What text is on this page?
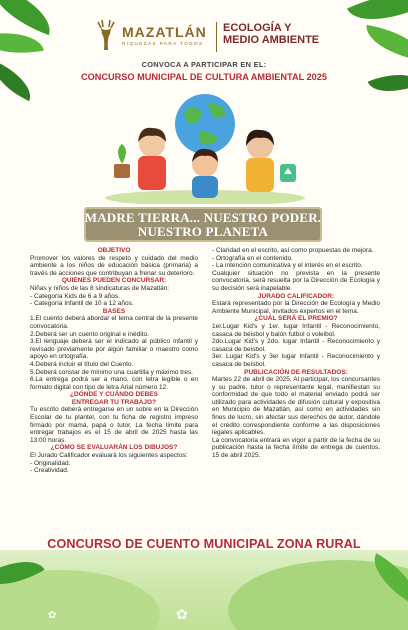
MAZATLÁN
RIQUEZAS PARA TODOS
ECOLOGÍA Y
MEDIO AMBIENTE
CONVOCA A PARTICIPAR EN EL:
CONCURSO MUNICIPAL DE CULTURA AMBIENTAL 2025
MADRE TIERRA... NUESTRO PODER.
NUESTRO PLANETA
OBJETIVO

Promover los valores de respeto y cuidado del medio ambiente a los niños de educación básica (primaria) a través de acciones que contribuyan a frenar su deterioro.

QUIENES PUEDEN CONCURSAR:
Niñas y niños de las 8 sindicaturas de Mazatlán:
- Categoría Kids de 6 a 9 años.
- Categoría Infantil de 10 a 12 años.
BASES

1.El cuento deberá abordar el tema central de la presente convocatoria.

2.Deberá ser un cuento original e inédito.

3.El lenguaje deberá ser el indicado al público infantil y revisado previamente por algún familiar o maestro como apoyo en ortografía.

4.Deberá incluir el título del Cuento.

5.Deberá constar de mínimo una cuartilla y máximo tres.

6.La entrega podrá ser a mano, con letra legible o en formato digital con tipo de letra Arial número 12.

¿DÓNDE Y CUÁNDO DEBES
ENTREGAR TU TRABAJO?

Tu escrito deberá entregarse en un sobre en la Dirección Escolar de tu plantel, con tu ficha de registro impreso firmado por mamá, papá o tutor. La fecha límite para entregar trabajos es el 15 de abril de 2025 hasta las 13:00 horas.

¿CÓMO SE EVALUARÁN LOS DIBUJOS?

El Jurado Calificador evaluará los siguientes aspectos:

- Originalidad.
- Creatividad.

- Claridad en el escrito, así como propuestas de mejora.

- Ortografía en el contenido.

- La intención comunicativa y el interés en el escrito.

Cualquier situación no prevista en la presente convocatoria, será resuelta por la Dirección de Ecología y su decisión será inapelable.

JURADO CALIFICADOR:

Estará representado por la Dirección de Ecología y Medio Ambiente Municipal, invitados expertos en el tema.

¿CUÁL SERÁ EL PREMIO?

1er.Lugar Kid's y 1er. lugar Infantil - Reconocimiento, casaca de béisbol y balón futbol o voleibol.

2do.Lugar Kid's y 2do. lugar Infantil - Reconocimiento y casaca de beisbol.

3er. Lugar Kid's y 3er lugar Infantil - Reconocimiento y casaca de beisbol.

PUBLICACIÓN DE RESULTADOS:

Martes 22 de abril de 2025. Al participar, los concursantes y su padre, tutor o representante legal, manifiestan su conformidad de que todo el material enviado podrá ser utilizado para actividades de difusión cultural y expositiva en Municipio de Mazatlán, así como en actividades sin fines de lucro, sin afectar sus derechos de autor, dándole el crédito correspondiente conforme a las disposiciones legales aplicables.

La convocatoria entrará en vigor a partir de la fecha de su publicación hasta la fecha límite de entrega de cuentos, 15 de abril 2025.

CONCURSO DE CUENTO MUNICIPAL ZONA RURAL
✿
✿
